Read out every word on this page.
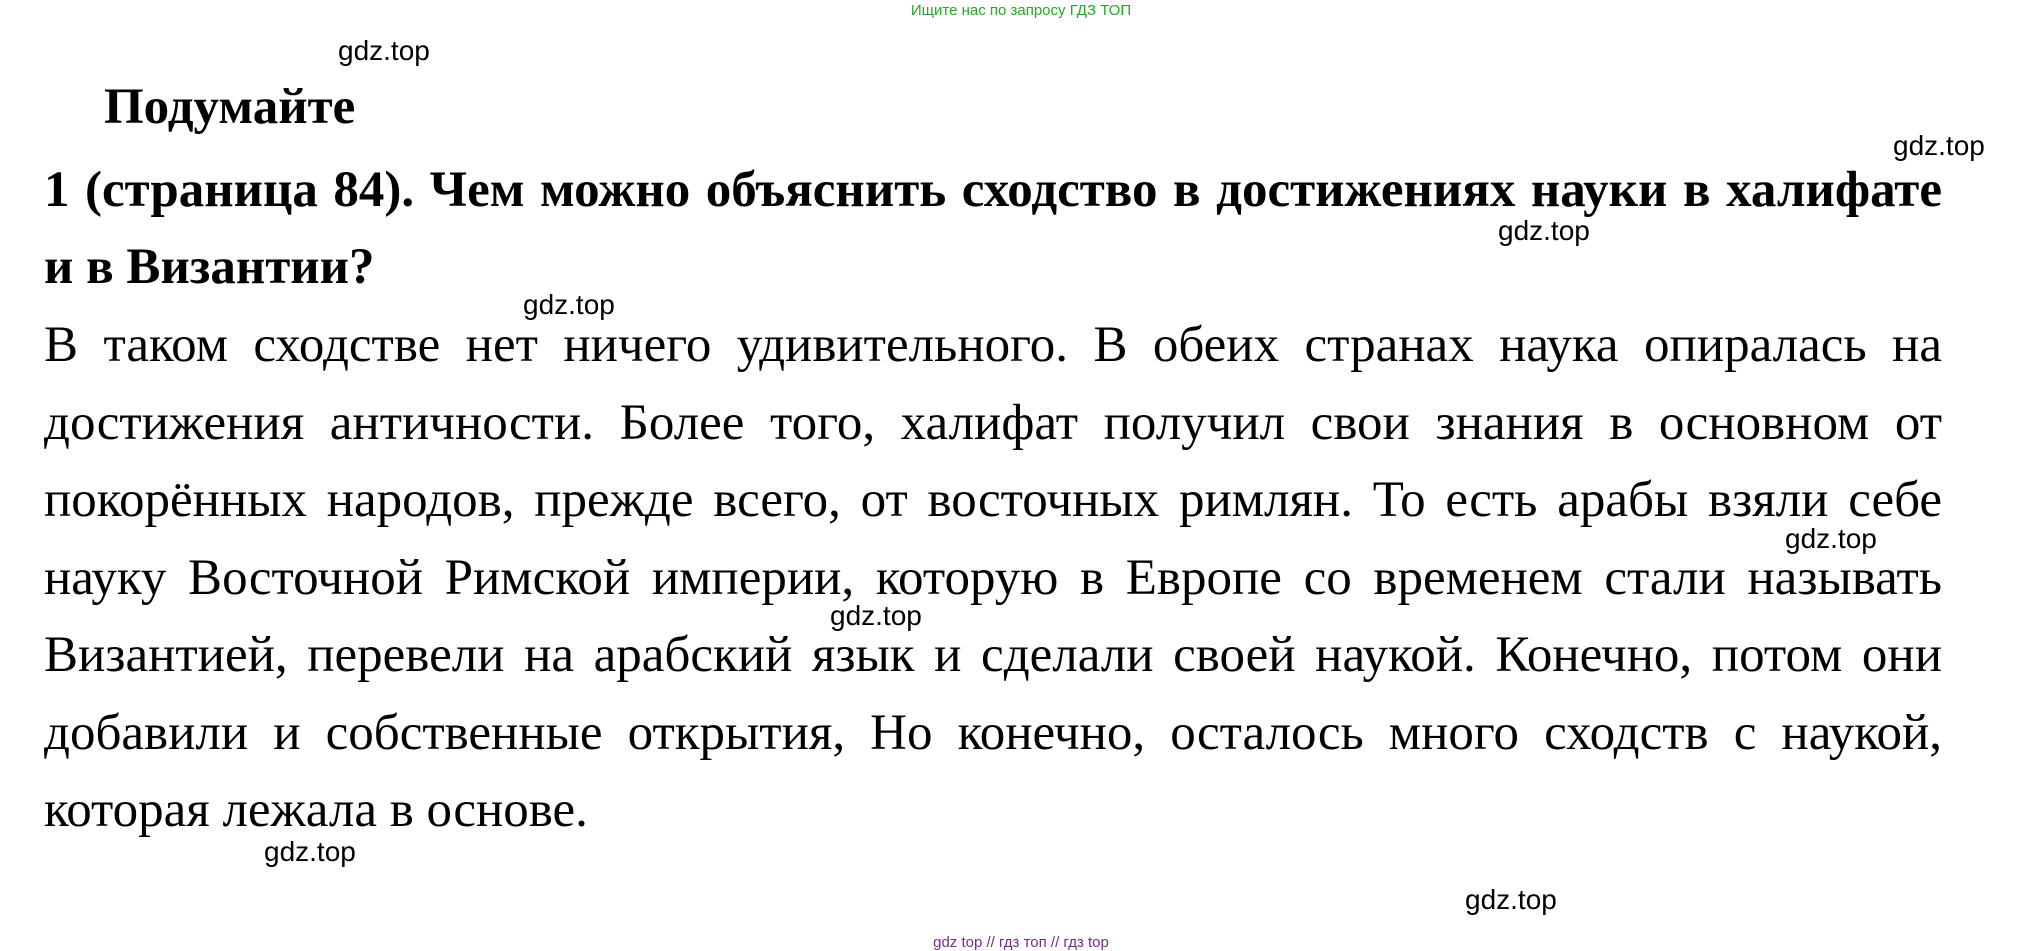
Ищите нас по запросу ГДЗ ТОП
Подумайте
1 (страница 84). Чем можно объяснить сходство в достижениях науки в халифате и в Византии?
В таком сходстве нет ничего удивительного. В обеих странах наука опиралась на достижения античности. Более того, халифат получил свои знания в основном от покорённых народов, прежде всего, от восточных римлян. То есть арабы взяли себе науку Восточной Римской империи, которую в Европе со временем стали называть Византией, перевели на арабский язык и сделали своей наукой. Конечно, потом они добавили и собственные открытия, Но конечно, осталось много сходств с наукой, которая лежала в основе.
gdz.top
gdz.top
gdz.top
gdz.top
gdz.top
gdz.top
gdz.top
gdz.top
gdz top // гдз топ // гдз top
